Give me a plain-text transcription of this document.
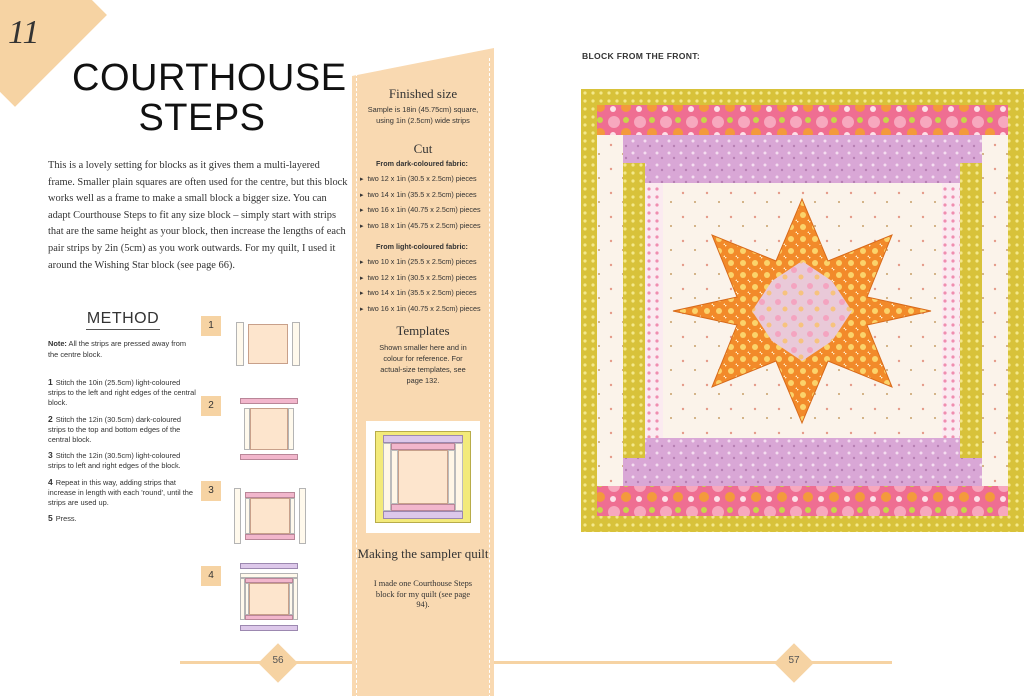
11
COURTHOUSE
STEPS

This is a lovely setting for blocks as it gives them a multi-layered frame. Smaller plain squares are often used for the centre, but this block works well as a frame to make a small block a bigger size. You can adapt Courthouse Steps to fit any size block – simply start with strips that are the same height as your block, then increase the lengths of each pair strips by 2in (5cm) as you work outwards. For my quilt, I used it around the Wishing Star block (see page 66).

METHOD
Note: All the strips are pressed away from the centre block.
1 Stitch the 10in (25.5cm) light-coloured strips to the left and right edges of the central block.
2 Stitch the 12in (30.5cm) dark-coloured strips to the top and bottom edges of the central block.
3 Stitch the 12in (30.5cm) light-coloured strips to left and right edges of the block.
4 Repeat in this way, adding strips that increase in length with each 'round', until the strips are used up.
5 Press.
1
2
3
4
Finished size
Sample is 18in (45.75cm) square, using 1in (2.5cm) wide strips
Cut
From dark-coloured fabric:
▸ two 12 x 1in (30.5 x 2.5cm) pieces
▸ two 14 x 1in (35.5 x 2.5cm) pieces
▸ two 16 x 1in (40.75 x 2.5cm) pieces
▸ two 18 x 1in (45.75 x 2.5cm) pieces
From light-coloured fabric:
▸ two 10 x 1in (25.5 x 2.5cm) pieces
▸ two 12 x 1in (30.5 x 2.5cm) pieces
▸ two 14 x 1in (35.5 x 2.5cm) pieces
▸ two 16 x 1in (40.75 x 2.5cm) pieces
Templates
Shown smaller here and in colour for reference. For actual-size templates, see page 132.
Making the sampler quilt
I made one Courthouse Steps block for my quilt (see page 94).
56	57
BLOCK FROM THE FRONT:
